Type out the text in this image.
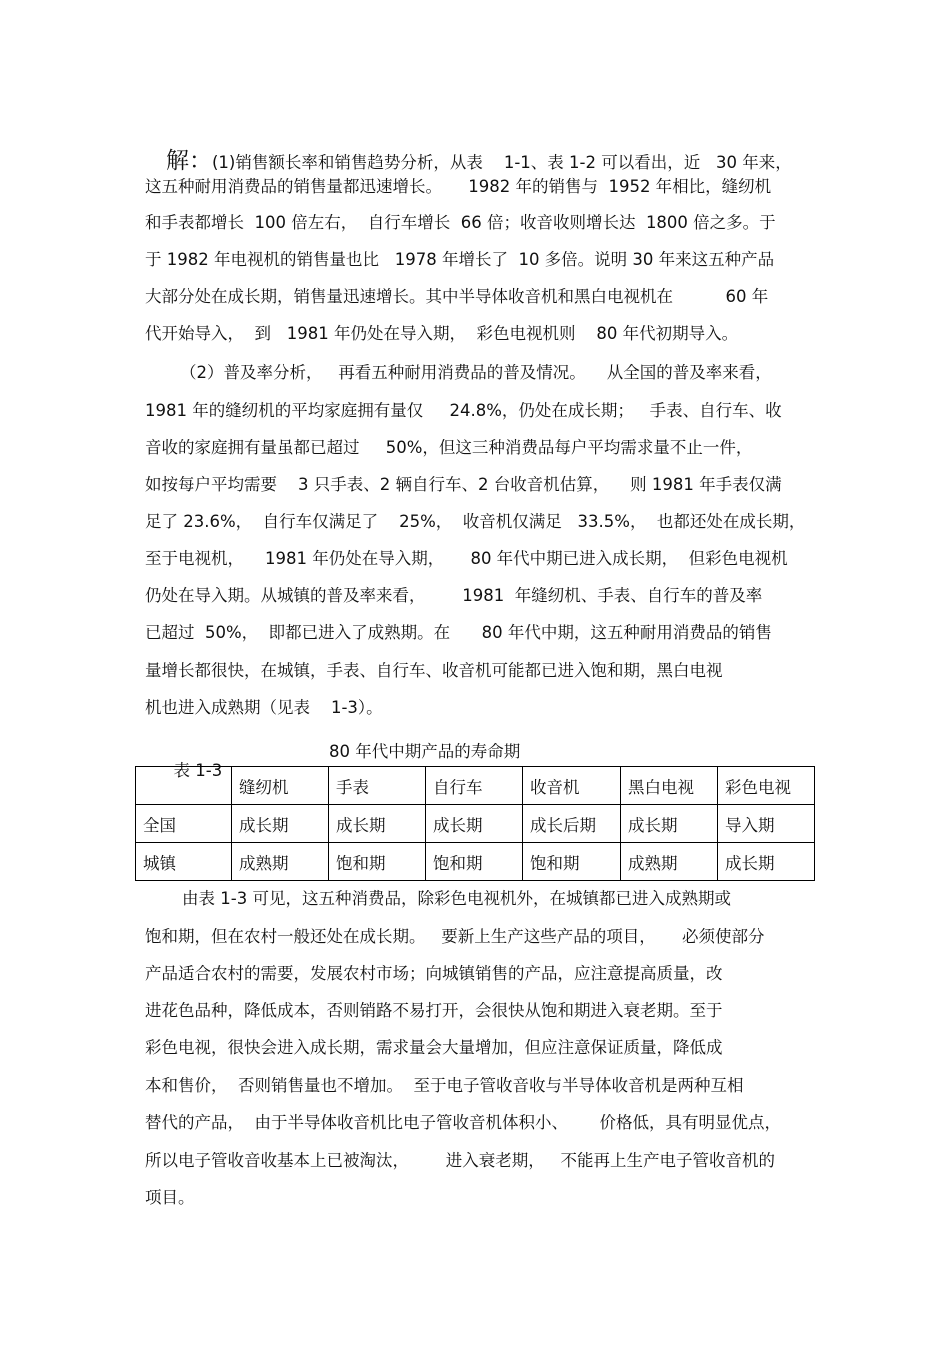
解：(1)销售额长率和销售趋势分析，从表    1-1、表 1-2 可以看出，近   30 年来，

这五种耐用消费品的销售量都迅速增长。     1982 年的销售与  1952 年相比，缝纫机
和手表都增长  100 倍左右，  自行车增长  66 倍；收音收则增长达  1800 倍之多。于
于 1982 年电视机的销售量也比   1978 年增长了  10 多倍。说明 30 年来这五种产品
大部分处在成长期，销售量迅速增长。其中半导体收音机和黑白电视机在          60 年
代开始导入，  到   1981 年仍处在导入期，  彩色电视机则    80 年代初期导入。
（2）普及率分析，   再看五种耐用消费品的普及情况。    从全国的普及率来看，
1981 年的缝纫机的平均家庭拥有量仅     24.8%，仍处在成长期；   手表、自行车、收
音收的家庭拥有量虽都已超过     50%，但这三种消费品每户平均需求量不止一件，
如按每户平均需要    3 只手表、2 辆自行车、2 台收音机估算，    则 1981 年手表仅满
足了 23.6%，  自行车仅满足了    25%，  收音机仅满足   33.5%，  也都还处在成长期，
至于电视机，    1981 年仍处在导入期，     80 年代中期已进入成长期，  但彩色电视机
仍处在导入期。从城镇的普及率来看，       1981  年缝纫机、手表、自行车的普及率
已超过  50%，  即都已进入了成熟期。在      80 年代中期，这五种耐用消费品的销售
量增长都很快，在城镇，手表、自行车、收音机可能都已进入饱和期，黑白电视
机也进入成熟期（见表    1-3）。

表 1-3

80 年代中期产品的寿命期

	缝纫机	手表	自行车	收音机	黑白电视	彩色电视
全国	成长期	成长期	成长期	成长后期	成长期	导入期
城镇	成熟期	饱和期	饱和期	饱和期	成熟期	成长期
由表 1-3 可见，这五种消费品，除彩色电视机外，在城镇都已进入成熟期或
饱和期，但在农村一般还处在成长期。   要新上生产这些产品的项目，     必须使部分
产品适合农村的需要，发展农村市场；向城镇销售的产品，应注意提高质量，改
进花色品种，降低成本，否则销路不易打开，会很快从饱和期进入衰老期。至于
彩色电视，很快会进入成长期，需求量会大量增加，但应注意保证质量，降低成
本和售价，  否则销售量也不增加。  至于电子管收音收与半导体收音机是两种互相
替代的产品，  由于半导体收音机比电子管收音机体积小、      价格低，具有明显优点，
所以电子管收音收基本上已被淘汰，       进入衰老期，   不能再上生产电子管收音机的
项目。
